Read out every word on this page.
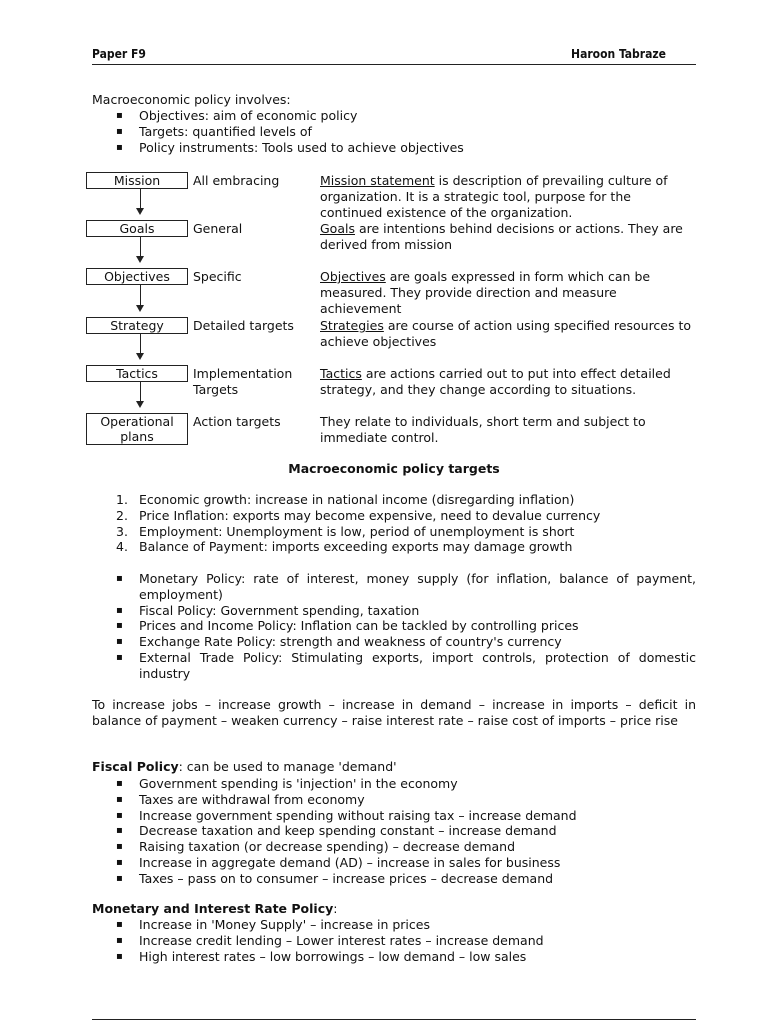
Paper F9	Haroon Tabraze
Macroeconomic policy involves:
▪ Objectives: aim of economic policy
▪ Targets: quantified levels of
▪ Policy instruments: Tools used to achieve objectives
Mission
Goals
Objectives
Strategy
Tactics
Operational plans
All embracing
General
Specific
Detailed targets
Implementation Targets
Action targets
Mission statement is description of prevailing culture of organization. It is a strategic tool, purpose for the continued existence of the organization.
Goals are intentions behind decisions or actions. They are derived from mission
Objectives are goals expressed in form which can be measured. They provide direction and measure achievement
Strategies are course of action using specified resources to achieve objectives
Tactics are actions carried out to put into effect detailed strategy, and they change according to situations.
They relate to individuals, short term and subject to immediate control.
Macroeconomic policy targets
1. Economic growth: increase in national income (disregarding inflation)
2. Price Inflation: exports may become expensive, need to devalue currency
3. Employment: Unemployment is low, period of unemployment is short
4. Balance of Payment: imports exceeding exports may damage growth
▪ Monetary Policy: rate of interest, money supply (for inflation, balance of payment, employment)
▪ Fiscal Policy: Government spending, taxation
▪ Prices and Income Policy: Inflation can be tackled by controlling prices
▪ Exchange Rate Policy: strength and weakness of country's currency
▪ External Trade Policy: Stimulating exports, import controls, protection of domestic industry
To increase jobs – increase growth – increase in demand – increase in imports – deficit in balance of payment – weaken currency – raise interest rate – raise cost of imports – price rise
Fiscal Policy: can be used to manage 'demand'
▪ Government spending is 'injection' in the economy
▪ Taxes are withdrawal from economy
▪ Increase government spending without raising tax – increase demand
▪ Decrease taxation and keep spending constant – increase demand
▪ Raising taxation (or decrease spending) – decrease demand
▪ Increase in aggregate demand (AD) – increase in sales for business
▪ Taxes – pass on to consumer – increase prices – decrease demand
Monetary and Interest Rate Policy:
▪ Increase in 'Money Supply' – increase in prices
▪ Increase credit lending – Lower interest rates – increase demand
▪ High interest rates – low borrowings – low demand – low sales
